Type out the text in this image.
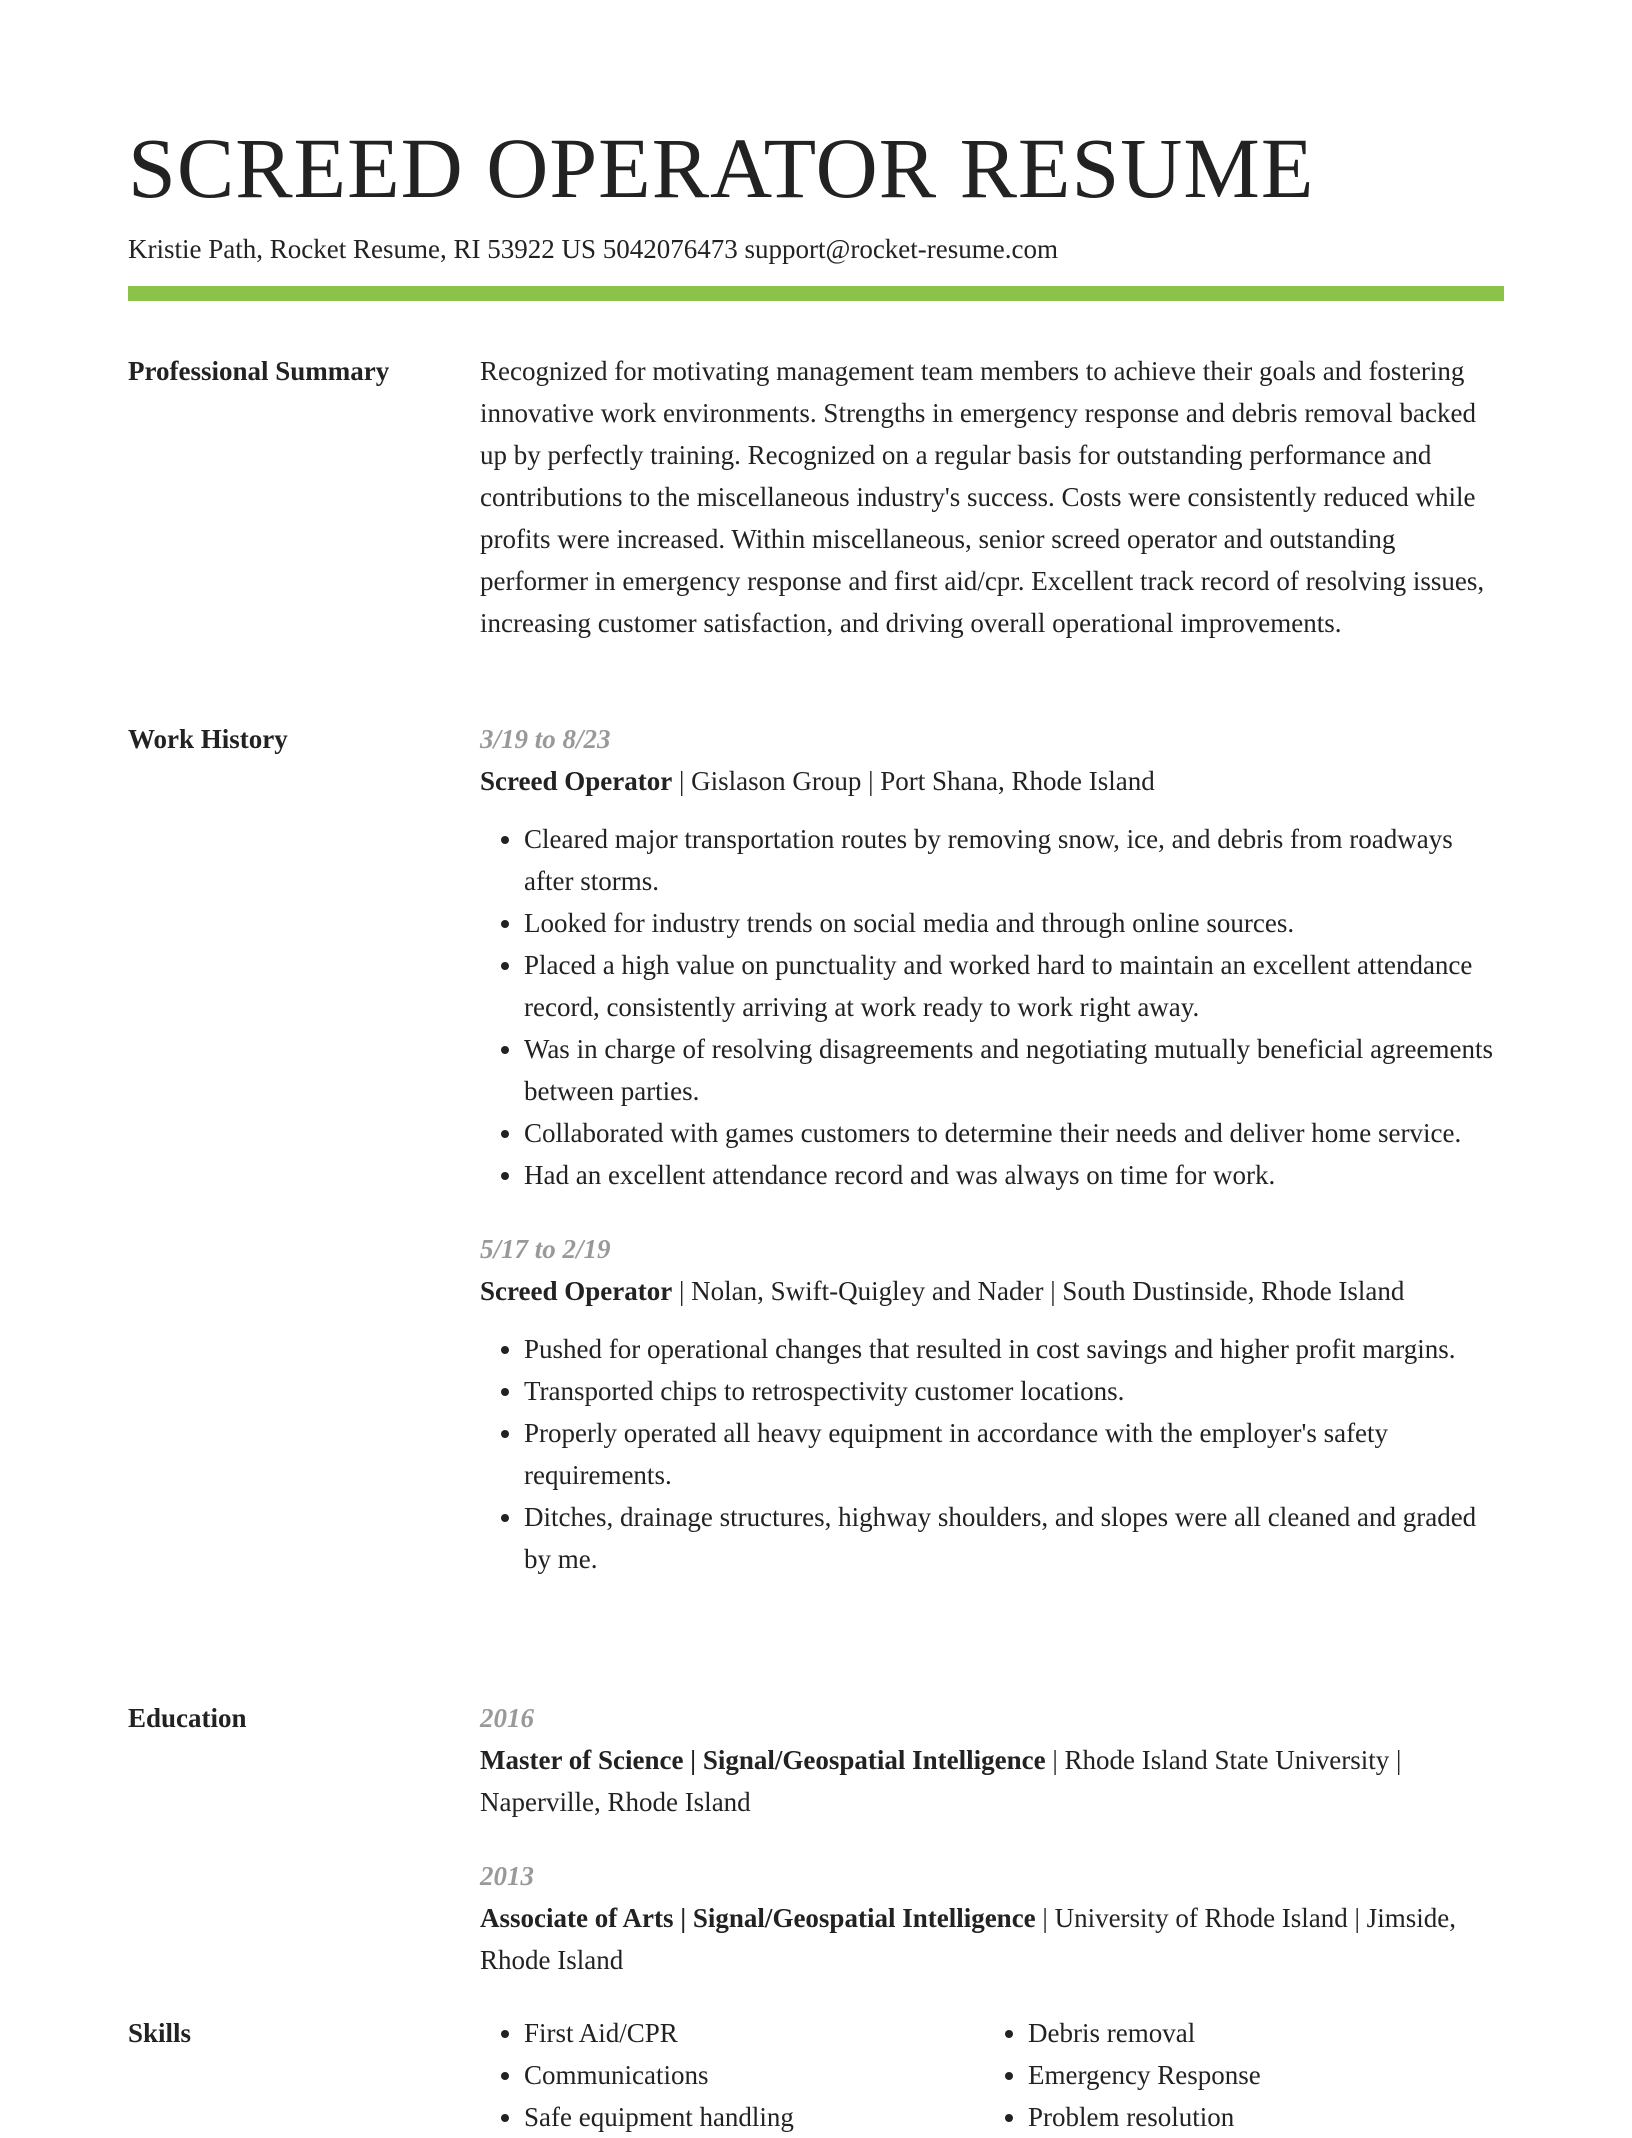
SCREED OPERATOR RESUME
Kristie Path, Rocket Resume, RI 53922 US 5042076473 support@rocket-resume.com
Professional Summary	Recognized for motivating management team members to achieve their goals and fostering innovative work environments. Strengths in emergency response and debris removal backed up by perfectly training. Recognized on a regular basis for outstanding performance and contributions to the miscellaneous industry's success. Costs were consistently reduced while profits were increased. Within miscellaneous, senior screed operator and outstanding performer in emergency response and first aid/cpr. Excellent track record of resolving issues, increasing customer satisfaction, and driving overall operational improvements.

Work History	3/19 to 8/23

Screed Operator | Gislason Group | Port Shana, Rhode Island

• Cleared major transportation routes by removing snow, ice, and debris from roadways after storms.
• Looked for industry trends on social media and through online sources.
• Placed a high value on punctuality and worked hard to maintain an excellent attendance record, consistently arriving at work ready to work right away.
• Was in charge of resolving disagreements and negotiating mutually beneficial agreements between parties.
• Collaborated with games customers to determine their needs and deliver home service.
• Had an excellent attendance record and was always on time for work.

5/17 to 2/19

Screed Operator | Nolan, Swift-Quigley and Nader | South Dustinside, Rhode Island

• Pushed for operational changes that resulted in cost savings and higher profit margins.
• Transported chips to retrospectivity customer locations.
• Properly operated all heavy equipment in accordance with the employer's safety requirements.
• Ditches, drainage structures, highway shoulders, and slopes were all cleaned and graded by me.
Education	2016

Master of Science | Signal/Geospatial Intelligence | Rhode Island State University | Naperville, Rhode Island

2013

Associate of Arts | Signal/Geospatial Intelligence | University of Rhode Island | Jimside, Rhode Island

Skills
•	First Aid/CPR
• Communications
• Safe equipment handling
• Debris removal
• Emergency Response
• Problem resolution
